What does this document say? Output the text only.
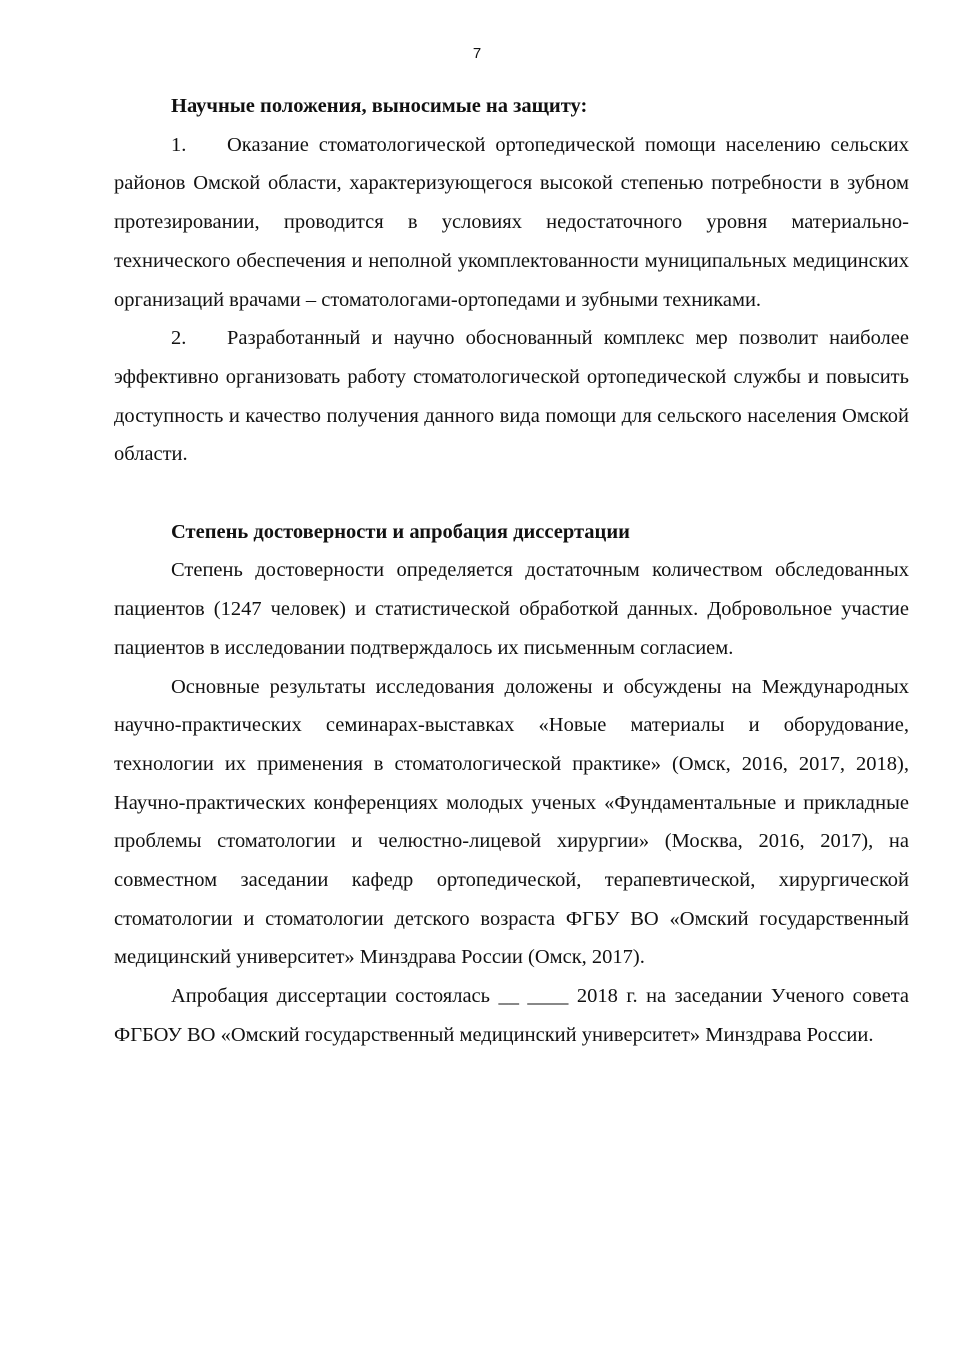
7
Научные положения, выносимые на защиту:

1. Оказание стоматологической ортопедической помощи населению сельских районов Омской области, характеризующегося высокой степенью потребности в зубном протезировании, проводится в условиях недостаточного уровня материально-технического обеспечения и неполной укомплектованности муниципальных медицинских организаций врачами – стоматологами-ортопедами и зубными техниками.

2. Разработанный и научно обоснованный комплекс мер позволит наиболее эффективно организовать работу стоматологической ортопедической службы и повысить доступность и качество получения данного вида помощи для сельского населения Омской области.

Степень достоверности и апробация диссертации

Степень достоверности определяется достаточным количеством обследованных пациентов (1247 человек) и статистической обработкой данных. Добровольное участие пациентов в исследовании подтверждалось их письменным согласием.

Основные результаты исследования доложены и обсуждены на Международных научно-практических семинарах-выставках «Новые материалы и оборудование, технологии их применения в стоматологической практике» (Омск, 2016, 2017, 2018), Научно-практических конференциях молодых ученых «Фундаментальные и прикладные проблемы стоматологии и челюстно-лицевой хирургии» (Москва, 2016, 2017), на совместном заседании кафедр ортопедической, терапевтической, хирургической стоматологии и стоматологии детского возраста ФГБУ ВО «Омский государственный медицинский университет» Минздрава России (Омск, 2017).

Апробация диссертации состоялась __ ____ 2018 г. на заседании Ученого совета ФГБОУ ВО «Омский государственный медицинский университет» Минздрава России.
